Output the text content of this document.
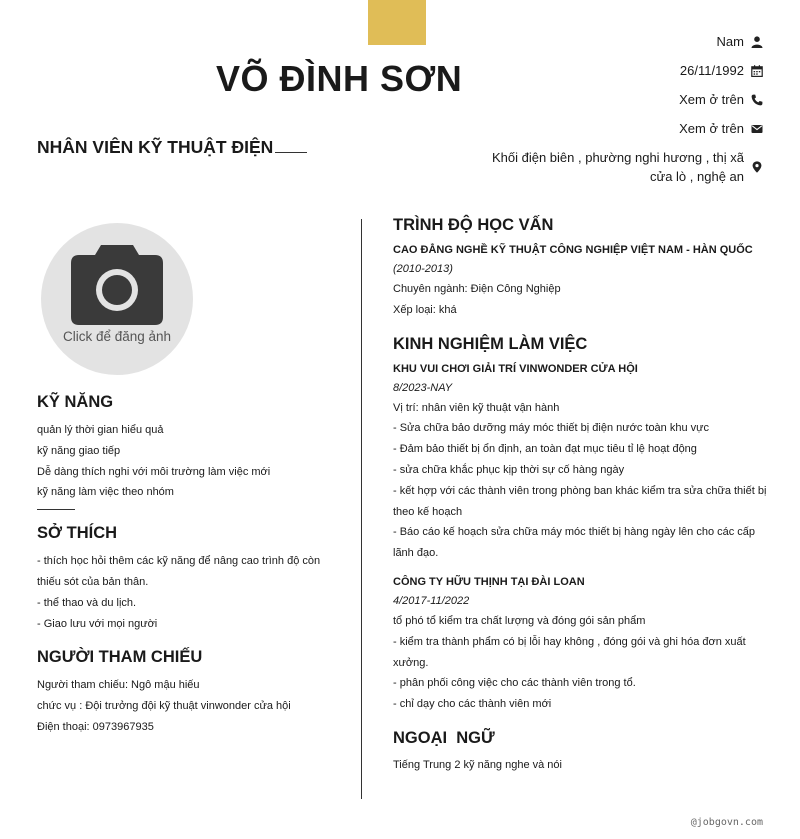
VÕ ĐÌNH SƠN
NHÂN VIÊN KỸ THUẬT ĐIỆN
Nam
26/11/1992
Xem ở trên
Xem ở trên
Khối điện biên , phường nghi hương , thị xã cửa lò , nghệ an
Click để đăng ảnh
KỸ NĂNG
quản lý thời gian hiểu quả
kỹ năng giao tiếp
Dễ dàng thích nghi với môi trường làm việc mới
kỹ năng làm việc theo nhóm
SỞ THÍCH
- thích học hỏi thêm các kỹ năng để nâng cao trình độ còn thiếu sót của bản thân.
- thể thao và du lịch.
- Giao lưu với mọi người
NGƯỜI THAM CHIẾU
Người tham chiếu: Ngô mậu hiếu
chức vụ : Đội trưởng đội kỹ thuật vinwonder cửa hội
Điện thoại: 0973967935
TRÌNH ĐỘ HỌC VẤN
CAO ĐẲNG NGHỀ KỸ THUẬT CÔNG NGHIỆP VIỆT NAM - HÀN QUỐC
(2010-2013)
Chuyên ngành: Điện Công Nghiệp
Xếp loại: khá
KINH NGHIỆM LÀM VIỆC
KHU VUI CHƠI GIẢI TRÍ VINWONDER CỬA HỘI
8/2023-NAY
Vị trí: nhân viên kỹ thuật vận hành
- Sửa chữa bảo dưỡng máy móc thiết bị điện nước toàn khu vực
- Đảm bảo thiết bị ổn định, an toàn đạt mục tiêu tỉ lệ hoạt động
- sửa chữa khắc phục kịp thời sự cố hàng ngày
- kết hợp với các thành viên trong phòng ban khác kiểm tra sửa chữa thiết bị theo kế hoạch
- Báo cáo kế hoạch sửa chữa máy móc thiết bị hàng ngày lên cho các cấp lãnh đạo.
CÔNG TY HỮU THỊNH TẠI ĐÀI LOAN
4/2017-11/2022
tổ phó tổ kiểm tra chất lượng và đóng gói sản phẩm
- kiểm tra thành phẩm có bị lỗi hay không , đóng gói và ghi hóa đơn xuất xưởng.
- phân phối công việc cho các thành viên trong tổ.
- chỉ dạy cho các thành viên mới
NGOẠI  NGỮ
Tiếng Trung 2 kỹ năng nghe và nói
@jobgovn.com
